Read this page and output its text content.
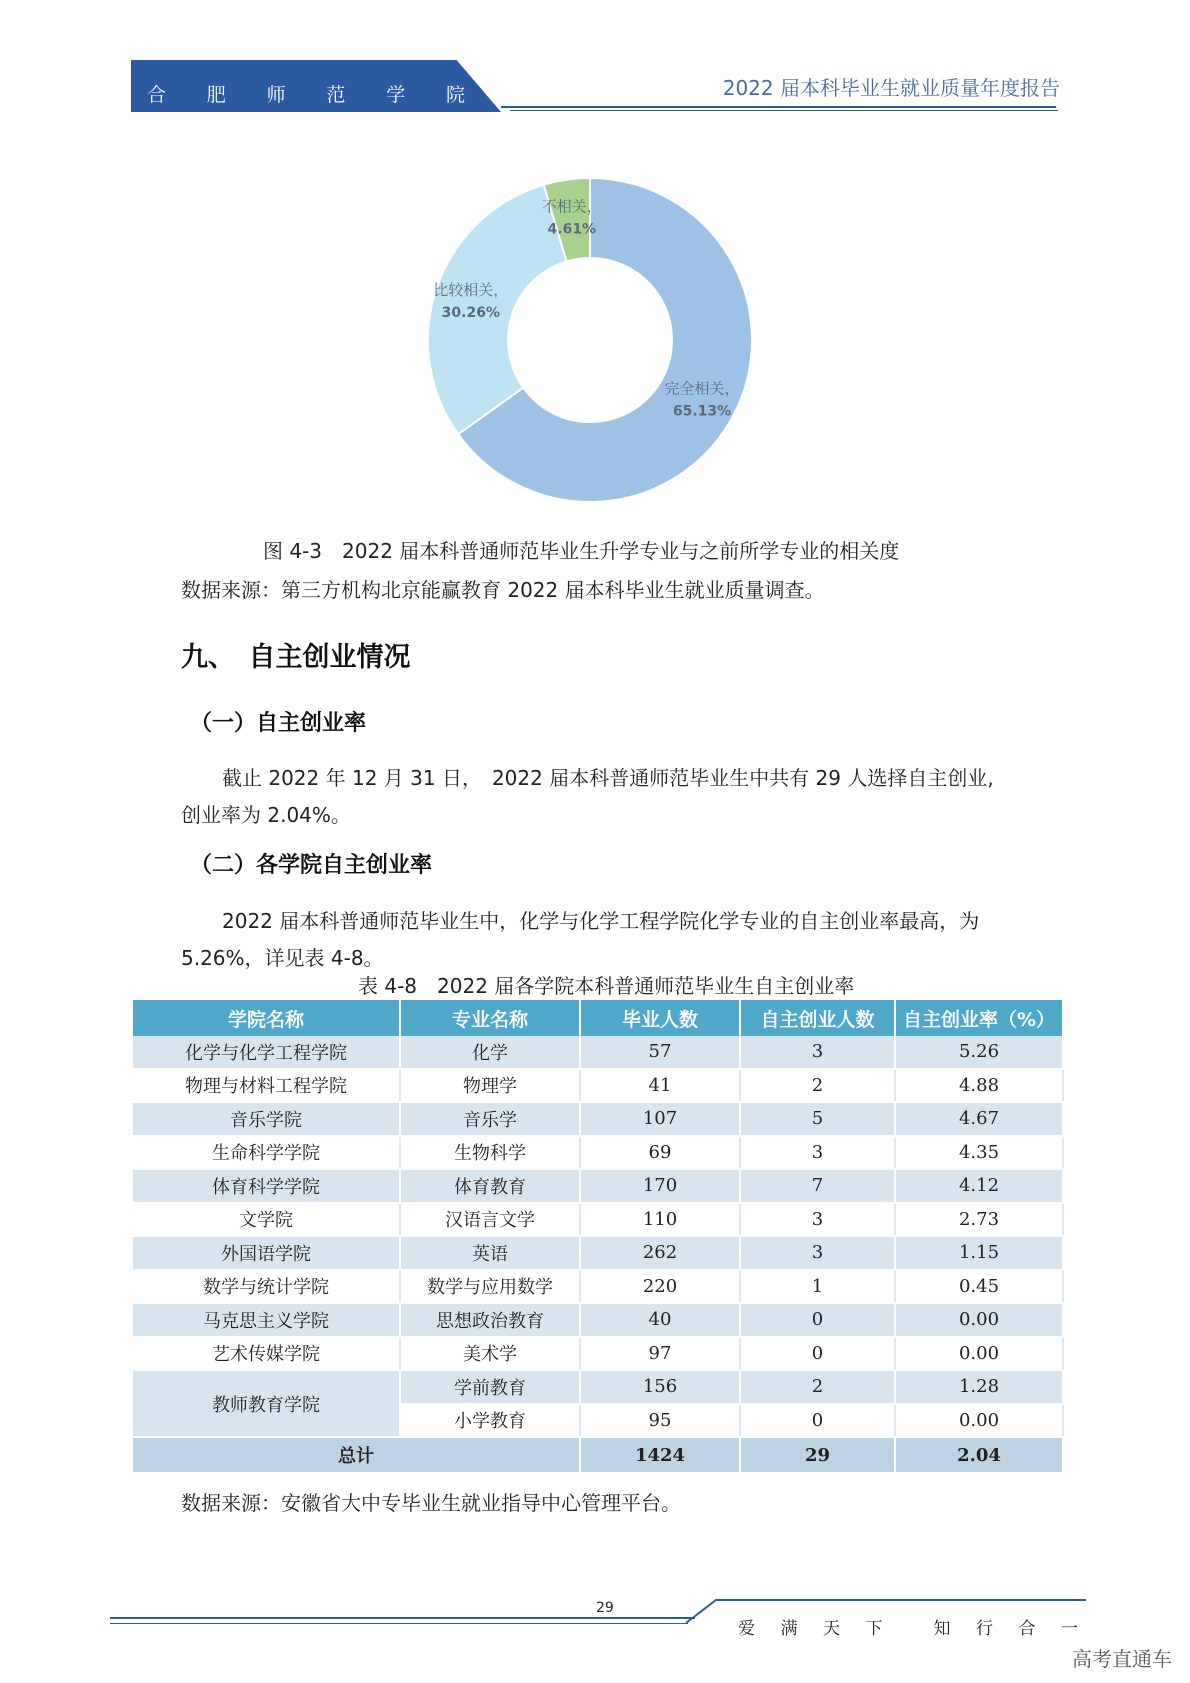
合 肥 师 范 学 院	2022 届本科毕业生就业质量年度报告
完全相关，
65.13%
比较相关，
30.26%
不相关，
4.61%
图 4-3　2022 届本科普通师范毕业生升学专业与之前所学专业的相关度
数据来源：第三方机构北京能赢教育 2022 届本科毕业生就业质量调查。
九、　自主创业情况
（一）自主创业率
截止 2022 年 12 月 31 日，　2022 届本科普通师范毕业生中共有 29 人选择自主创业,
创业率为 2.04%。
（二）各学院自主创业率
2022 届本科普通师范毕业生中，化学与化学工程学院化学专业的自主创业率最高，为
5.26%，详见表 4-8。
表 4-8　2022 届各学院本科普通师范毕业生自主创业率
学院名称	专业名称	毕业人数	自主创业人数	自主创业率（%）
化学与化学工程学院	化学	57	3	5.26
物理与材料工程学院	物理学	41	2	4.88
音乐学院	音乐学	107	5	4.67
生命科学学院	生物科学	69	3	4.35
体育科学学院	体育教育	170	7	4.12
文学院	汉语言文学	110	3	2.73
外国语学院	英语	262	3	1.15
数学与统计学院	数学与应用数学	220	1	0.45
马克思主义学院	思想政治教育	40	0	0.00
艺术传媒学院	美术学	97	0	0.00
教师教育学院	学前教育	156	2	1.28
	小学教育	95	0	0.00
总计		1424	29	2.04
数据来源：安徽省大中专毕业生就业指导中心管理平台。
29
爱 满 天 下	知 行 合 一
高考直通车
